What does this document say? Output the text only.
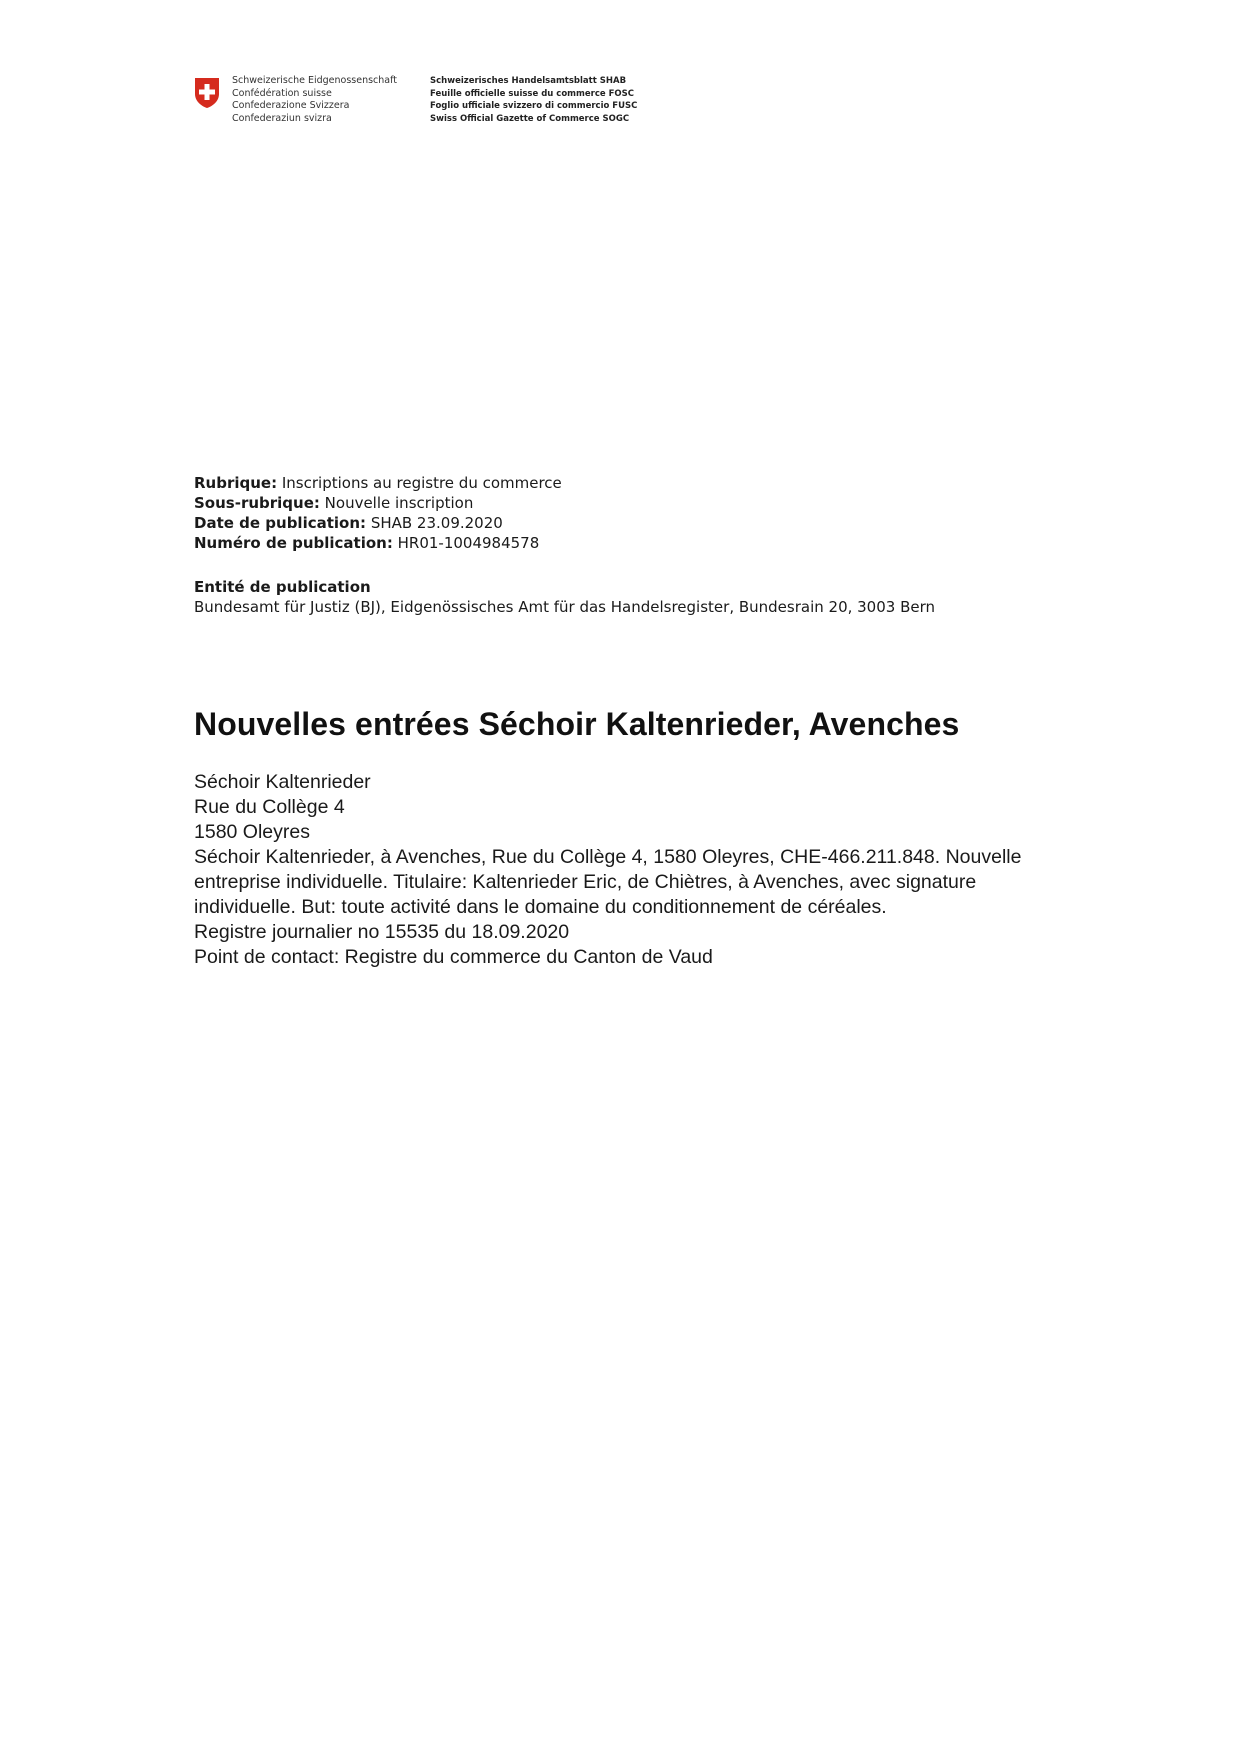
Schweizerische Eidgenossenschaft
Confédération suisse
Confederazione Svizzera
Confederaziun svizra
Schweizerisches Handelsamtsblatt SHAB
Feuille officielle suisse du commerce FOSC
Foglio ufficiale svizzero di commercio FUSC
Swiss Official Gazette of Commerce SOGC
Rubrique: Inscriptions au registre du commerce
Sous-rubrique: Nouvelle inscription
Date de publication: SHAB 23.09.2020
Numéro de publication: HR01-1004984578
Entité de publication
Bundesamt für Justiz (BJ), Eidgenössisches Amt für das Handelsregister, Bundesrain 20, 3003 Bern
Nouvelles entrées Séchoir Kaltenrieder, Avenches
Séchoir Kaltenrieder
Rue du Collège 4
1580 Oleyres
Séchoir Kaltenrieder, à Avenches, Rue du Collège 4, 1580 Oleyres, CHE-466.211.848. Nouvelle entreprise individuelle. Titulaire: Kaltenrieder Eric, de Chiètres, à Avenches, avec signature individuelle. But: toute activité dans le domaine du conditionnement de céréales.
Registre journalier no 15535 du 18.09.2020
Point de contact: Registre du commerce du Canton de Vaud
